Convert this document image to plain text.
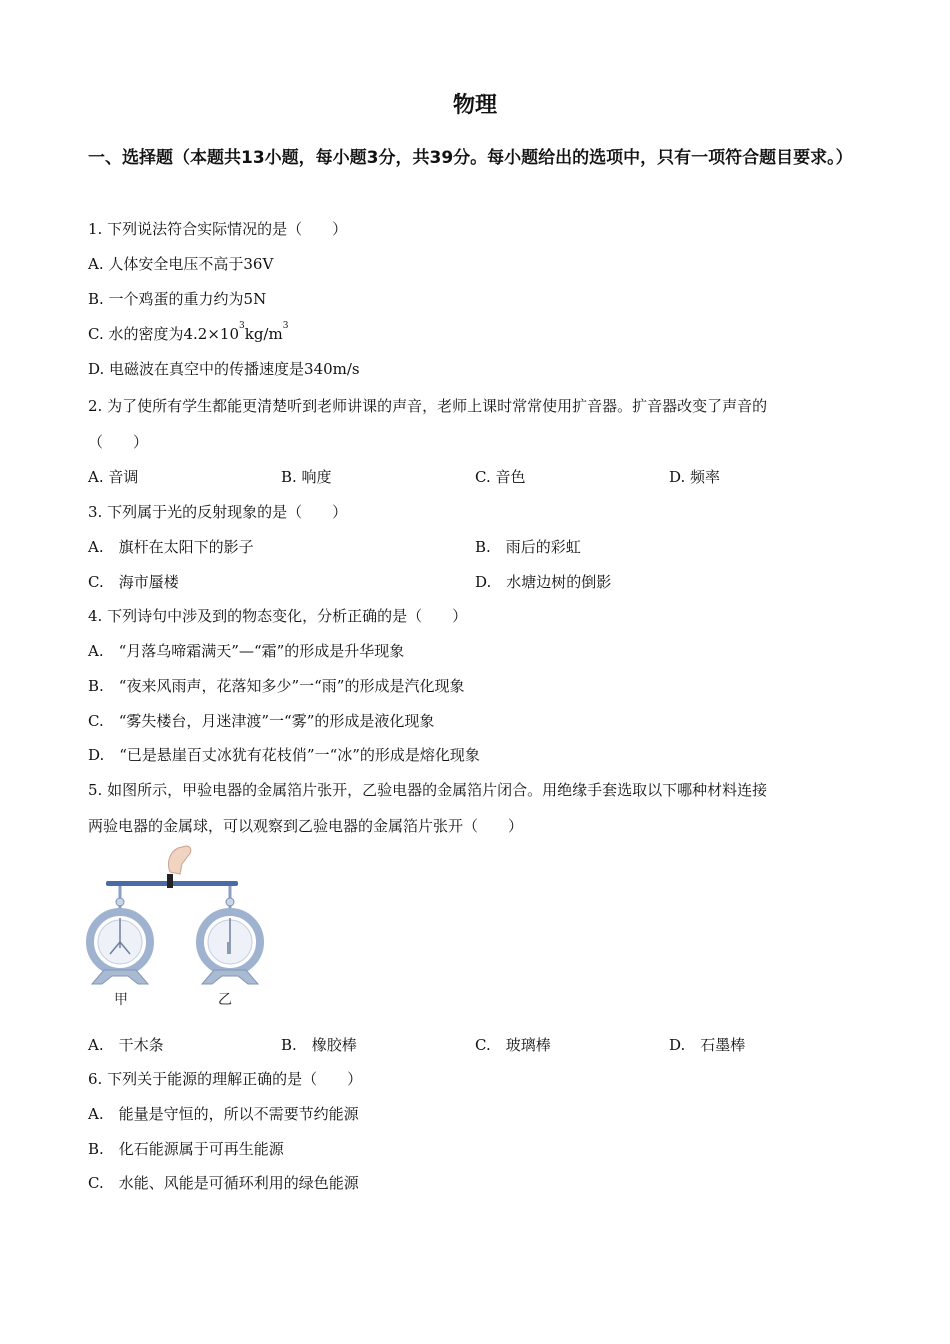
物理
一、选择题（本题共13小题，每小题3分，共39分。每小题给出的选项中，只有一项符合题目要求。）
1. 下列说法符合实际情况的是（　　）
A. 人体安全电压不高于36V
B. 一个鸡蛋的重力约为5N
C. 水的密度为$4.2\times 10^3kg/m^3$
D. 电磁波在真空中的传播速度是340m/s
2. 为了使所有学生都能更清楚听到老师讲课的声音，老师上课时常常使用扩音器。扩音器改变了声音的
（　　）
A. 音调	B. 响度	C. 音色	D. 频率
3. 下列属于光的反射现象的是（　　）
A.　旗杆在太阳下的影子	B.　雨后的彩虹
C.　海市蜃楼	D.　水塘边树的倒影
4. 下列诗句中涉及到的物态变化，分析正确的是（　　）
A.　“月落乌啼霜满天”—“霜”的形成是升华现象
B.　“夜来风雨声，花落知多少”一“雨”的形成是汽化现象
C.　“雾失楼台，月迷津渡”一“雾”的形成是液化现象
D.　“已是悬崖百丈冰犹有花枝俏”一“冰”的形成是熔化现象
5. 如图所示，甲验电器的金属箔片张开，乙验电器的金属箔片闭合。用绝缘手套选取以下哪种材料连接
两验电器的金属球，可以观察到乙验电器的金属箔片张开（　　）
甲	乙
A.　干木条	B.　橡胶棒	C.　玻璃棒	D.　石墨棒
6. 下列关于能源的理解正确的是（　　）
A.　能量是守恒的，所以不需要节约能源
B.　化石能源属于可再生能源
C.　水能、风能是可循环利用的绿色能源
